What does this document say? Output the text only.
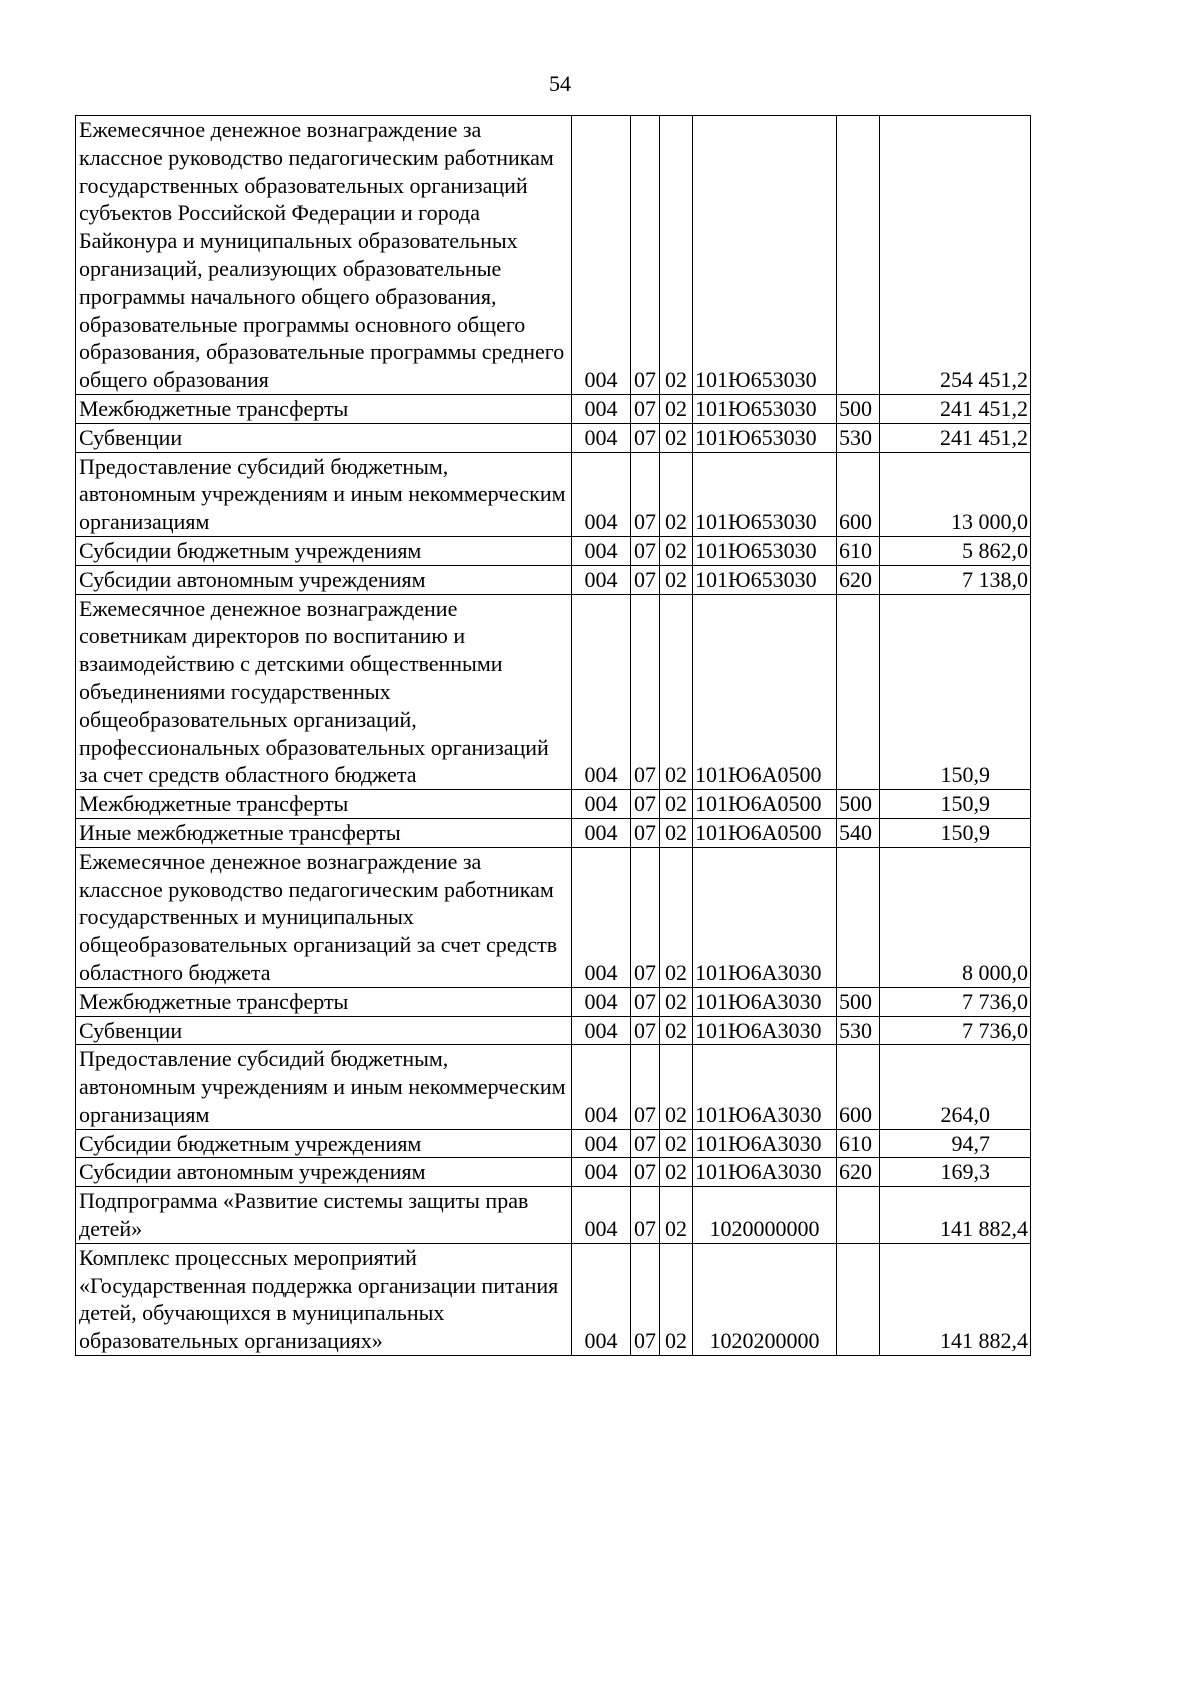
54
Ежемесячное денежное вознаграждение за классное руководство педагогическим работникам государственных образовательных организаций субъектов Российской Федерации и города Байконура и муниципальных образовательных организаций, реализующих образовательные программы начального общего образования, образовательные программы основного общего образования, образовательные программы среднего общего образования	004	07	02	101Ю653030		254 451,2
Межбюджетные трансферты	004	07	02	101Ю653030	500	241 451,2
Субвенции	004	07	02	101Ю653030	530	241 451,2
Предоставление субсидий бюджетным, автономным учреждениям и иным некоммерческим организациям	004	07	02	101Ю653030	600	13 000,0
Субсидии бюджетным учреждениям	004	07	02	101Ю653030	610	5 862,0
Субсидии автономным учреждениям	004	07	02	101Ю653030	620	7 138,0
Ежемесячное денежное вознаграждение советникам директоров по воспитанию и взаимодействию с детскими общественными объединениями государственных общеобразовательных организаций, профессиональных образовательных организаций за счет средств областного бюджета	004	07	02	101Ю6А0500		150,9
Межбюджетные трансферты	004	07	02	101Ю6А0500	500	150,9
Иные межбюджетные трансферты	004	07	02	101Ю6А0500	540	150,9
Ежемесячное денежное вознаграждение за классное руководство педагогическим работникам государственных и муниципальных общеобразовательных организаций за счет средств областного бюджета	004	07	02	101Ю6А3030		8 000,0
Межбюджетные трансферты	004	07	02	101Ю6А3030	500	7 736,0
Субвенции	004	07	02	101Ю6А3030	530	7 736,0
Предоставление субсидий бюджетным, автономным учреждениям и иным некоммерческим организациям	004	07	02	101Ю6А3030	600	264,0
Субсидии бюджетным учреждениям	004	07	02	101Ю6А3030	610	94,7
Субсидии автономным учреждениям	004	07	02	101Ю6А3030	620	169,3
Подпрограмма «Развитие системы защиты прав детей»	004	07	02	1020000000		141 882,4
Комплекс процессных мероприятий «Государственная поддержка организации питания детей, обучающихся в муниципальных образовательных организациях»	004	07	02	1020200000		141 882,4
